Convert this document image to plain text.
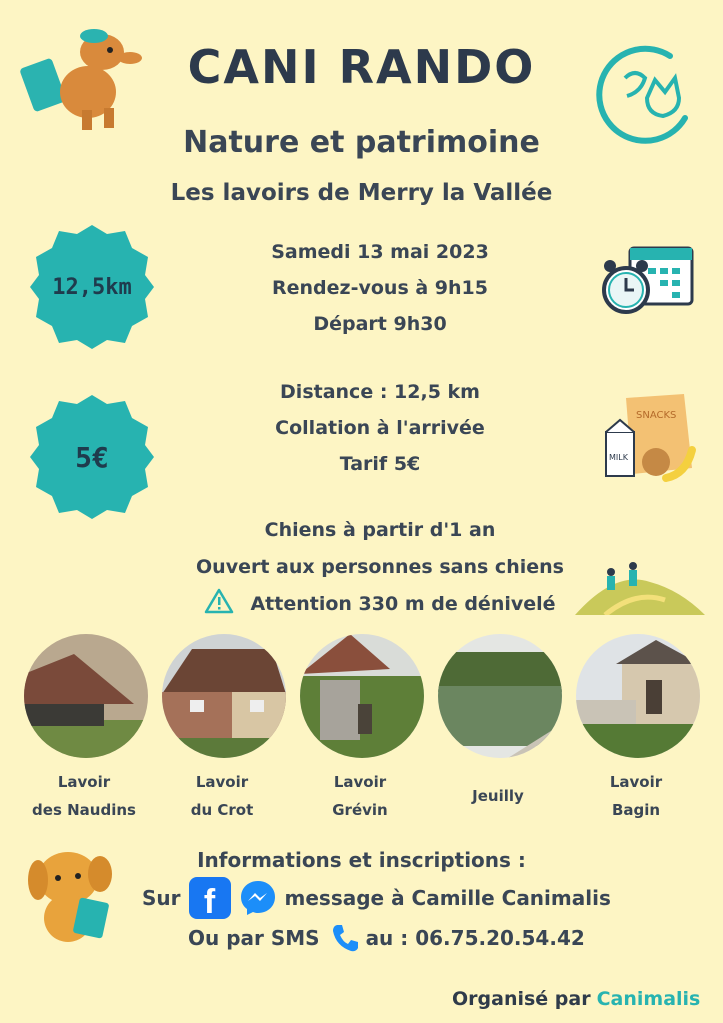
CANI RANDO
Nature et patrimoine
Les lavoirs de Merry la Vallée
12,5km
5€
Samedi 13 mai 2023
Rendez-vous à 9h15
Départ 9h30
Distance : 12,5 km
Collation à l'arrivée
Tarif 5€
SNACKS
MILK
Chiens à partir d'1 an
Ouvert aux personnes sans chiens
Attention 330 m de dénivelé
Lavoir
des Naudins
Lavoir
du Crot
Lavoir
Grévin
Jeuilly
Lavoir
Bagin
Informations et inscriptions :
Sur f	message à Camille Canimalis
Ou par SMS au : 06.75.20.54.42
Organisé par Canimalis
